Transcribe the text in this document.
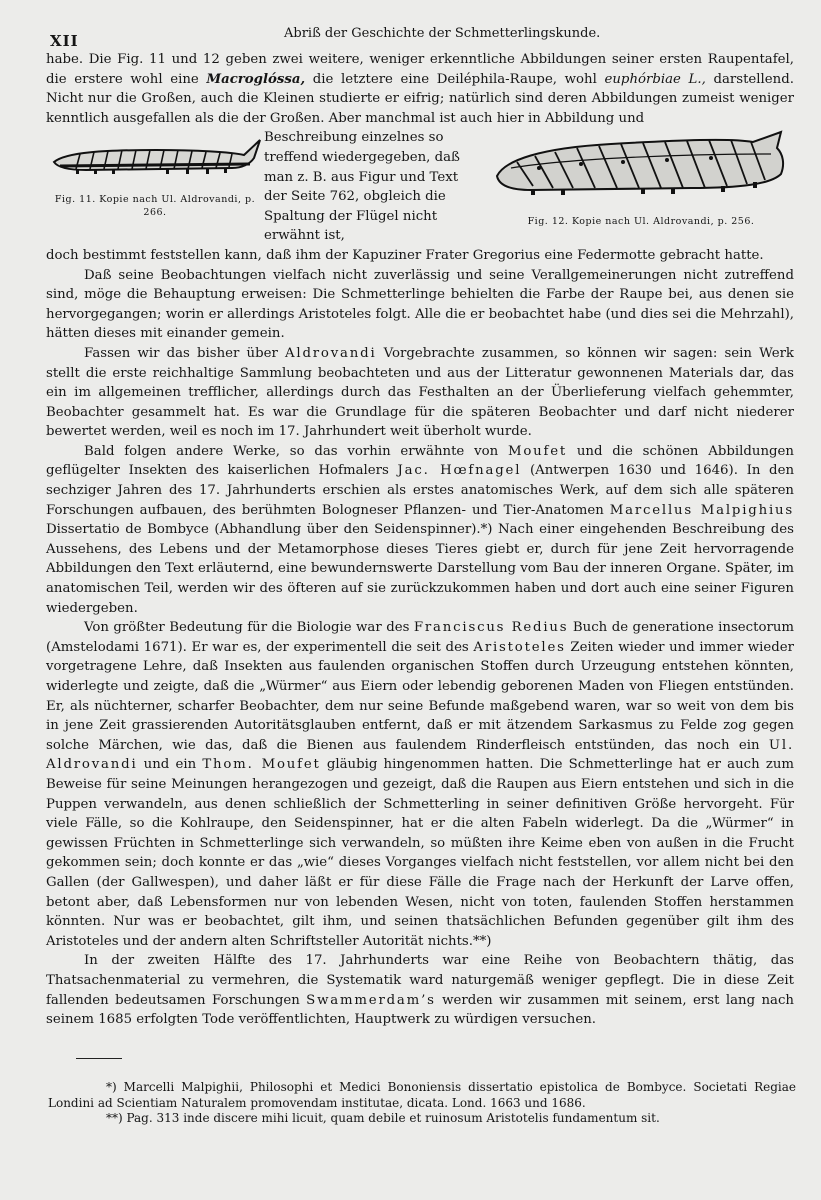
XII	Abriß der Geschichte der Schmetterlingskunde.

habe. Die Fig. 11 und 12 geben zwei weitere, weniger erkenntliche Abbildungen seiner ersten Raupentafel, die erstere wohl eine Macroglóssa, die letztere eine Deiléphila-Raupe, wohl euphórbiae L., darstellend. Nicht nur die Großen, auch die Kleinen studierte er eifrig; natürlich sind deren Abbildungen zumeist weniger kenntlich ausgefallen als die der Großen. Aber manchmal ist auch hier in Abbildung und

Fig. 11. Kopie nach Ul. Aldrovandi, p. 266.
Beschreibung einzelnes so treffend wiedergegeben, daß man z. B. aus Figur und Text der Seite 762, obgleich die Spaltung der Flügel nicht erwähnt ist,
Fig. 12. Kopie nach Ul. Aldrovandi, p. 256.

doch bestimmt feststellen kann, daß ihm der Kapuziner Frater Gregorius eine Federmotte gebracht hatte.

Daß seine Beobachtungen vielfach nicht zuverlässig und seine Verallgemeinerungen nicht zutreffend sind, möge die Behauptung erweisen: Die Schmetterlinge behielten die Farbe der Raupe bei, aus denen sie hervorgegangen; worin er allerdings Aristoteles folgt. Alle die er beobachtet habe (und dies sei die Mehrzahl), hätten dieses mit einander gemein.

Fassen wir das bisher über Aldrovandi Vorgebrachte zusammen, so können wir sagen: sein Werk stellt die erste reichhaltige Sammlung beobachteten und aus der Litteratur gewonnenen Materials dar, das ein im allgemeinen trefflicher, allerdings durch das Festhalten an der Überlieferung vielfach gehemmter, Beobachter gesammelt hat. Es war die Grundlage für die späteren Beobachter und darf nicht niederer bewertet werden, weil es noch im 17. Jahrhundert weit überholt wurde.

Bald folgen andere Werke, so das vorhin erwähnte von Moufet und die schönen Abbildungen geflügelter Insekten des kaiserlichen Hofmalers Jac. Hœfnagel (Antwerpen 1630 und 1646). In den sechziger Jahren des 17. Jahrhunderts erschien als erstes anatomisches Werk, auf dem sich alle späteren Forschungen aufbauen, des berühmten Bologneser Pflanzen- und Tier-Anatomen Marcellus Malpighius Dissertatio de Bombyce (Abhandlung über den Seidenspinner).*) Nach einer eingehenden Beschreibung des Aussehens, des Lebens und der Metamorphose dieses Tieres giebt er, durch für jene Zeit hervorragende Abbildungen den Text erläuternd, eine bewundernswerte Darstellung vom Bau der inneren Organe. Später, im anatomischen Teil, werden wir des öfteren auf sie zurückzukommen haben und dort auch eine seiner Figuren wiedergeben.

Von größter Bedeutung für die Biologie war des Franciscus Redius Buch de generatione insectorum (Amstelodami 1671). Er war es, der experimentell die seit des Aristoteles Zeiten wieder und immer wieder vorgetragene Lehre, daß Insekten aus faulenden organischen Stoffen durch Urzeugung entstehen könnten, widerlegte und zeigte, daß die „Würmer“ aus Eiern oder lebendig geborenen Maden von Fliegen entstünden. Er, als nüchterner, scharfer Beobachter, dem nur seine Befunde maßgebend waren, war so weit von dem bis in jene Zeit grassierenden Autoritätsglauben entfernt, daß er mit ätzendem Sarkasmus zu Felde zog gegen solche Märchen, wie das, daß die Bienen aus faulendem Rinderfleisch entstünden, das noch ein Ul. Aldrovandi und ein Thom. Moufet gläubig hingenommen hatten. Die Schmetterlinge hat er auch zum Beweise für seine Meinungen herangezogen und gezeigt, daß die Raupen aus Eiern entstehen und sich in die Puppen verwandeln, aus denen schließlich der Schmetterling in seiner definitiven Größe hervorgeht. Für viele Fälle, so die Kohlraupe, den Seidenspinner, hat er die alten Fabeln widerlegt. Da die „Würmer“ in gewissen Früchten in Schmetterlinge sich verwandeln, so müßten ihre Keime eben von außen in die Frucht gekommen sein; doch konnte er das „wie“ dieses Vorganges vielfach nicht feststellen, vor allem nicht bei den Gallen (der Gallwespen), und daher läßt er für diese Fälle die Frage nach der Herkunft der Larve offen, betont aber, daß Lebensformen nur von lebenden Wesen, nicht von toten, faulenden Stoffen herstammen könnten. Nur was er beobachtet, gilt ihm, und seinen thatsächlichen Befunden gegenüber gilt ihm des Aristoteles und der andern alten Schriftsteller Autorität nichts.**)

In der zweiten Hälfte des 17. Jahrhunderts war eine Reihe von Beobachtern thätig, das Thatsachenmaterial zu vermehren, die Systematik ward naturgemäß weniger gepflegt. Die in diese Zeit fallenden bedeutsamen Forschungen Swammerdam’s werden wir zusammen mit seinem, erst lang nach seinem 1685 erfolgten Tode veröffentlichten, Hauptwerk zu würdigen versuchen.

*) Marcelli Malpighii, Philosophi et Medici Bononiensis dissertatio epistolica de Bombyce. Societati Regiae Londini ad Scientiam Naturalem promovendam institutae, dicata. Lond. 1663 und 1686.

**) Pag. 313 inde discere mihi licuit, quam debile et ruinosum Aristotelis fundamentum sit.
